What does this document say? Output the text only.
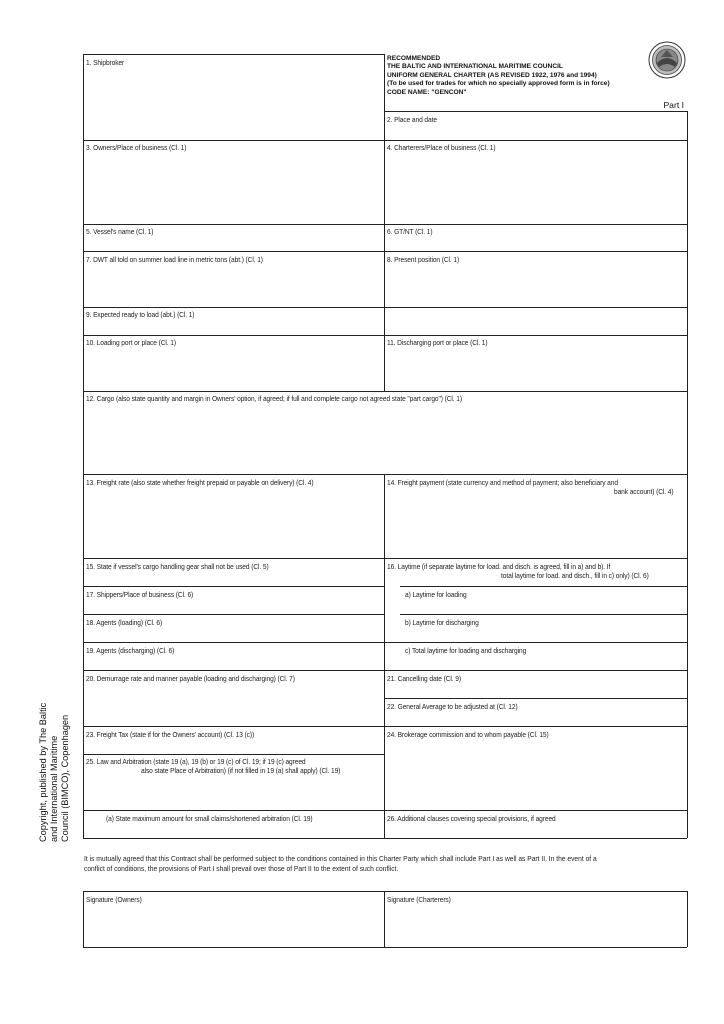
RECOMMENDED
THE BALTIC AND INTERNATIONAL MARITIME COUNCIL
UNIFORM GENERAL CHARTER (AS REVISED 1922, 1976 and 1994)
(To be used for trades for which no specially approved form is in force)
CODE NAME: "GENCON"
Part I
1. Shipbroker
2. Place and date
3. Owners/Place of business (Cl. 1)	4. Charterers/Place of business (Cl. 1)
5. Vessel's name (Cl. 1)	6. GT/NT (Cl. 1)
7. DWT all told on summer load line in metric tons (abt.) (Cl. 1)	8. Present position (Cl. 1)
9. Expected ready to load (abt.) (Cl. 1)
10. Loading port or place (Cl. 1)	11. Discharging port or place (Cl. 1)
12. Cargo (also state quantity and margin in Owners' option, if agreed; if full and complete cargo not agreed state "part cargo") (Cl. 1)
13. Freight rate (also state whether freight prepaid or payable on delivery) (Cl. 4)	14. Freight payment (state currency and method of payment; also beneficiary and
bank account) (Cl. 4)
15. State if vessel's cargo handling gear shall not be used (Cl. 5)	16. Laytime (if separate laytime for load. and disch. is agreed, fill in a) and b). If
total laytime for load. and disch., fill in c) only) (Cl. 6)
a) Laytime for loading
b) Laytime for discharging
c) Total laytime for loading and discharging
17. Shippers/Place of business (Cl. 6)
18. Agents (loading) (Cl. 6)
19. Agents (discharging) (Cl. 6)
20. Demurrage rate and manner payable (loading and discharging) (Cl. 7)	21. Cancelling date (Cl. 9)
22. General Average to be adjusted at (Cl. 12)
23. Freight Tax (state if for the Owners' account) (Cl. 13 (c))	24. Brokerage commission and to whom payable (Cl. 15)
25. Law and Arbitration (state 19 (a), 19 (b) or 19 (c) of Cl. 19; if 19 (c) agreed
also state Place of Arbitration) (if not filled in 19 (a) shall apply) (Cl. 19)
(a) State maximum amount for small claims/shortened arbitration (Cl. 19)	26. Additional clauses covering special provisions, if agreed
It is mutually agreed that this Contract shall be performed subject to the conditions contained in this Charter Party which shall include Part I as well as Part II. In the event of a conflict of conditions, the provisions of Part I shall prevail over those of Part II to the extent of such conflict.
Signature (Owners)	Signature (Charterers)
Copyright, published by The Baltic and International Maritime Council (BIMCO), Copenhagen
